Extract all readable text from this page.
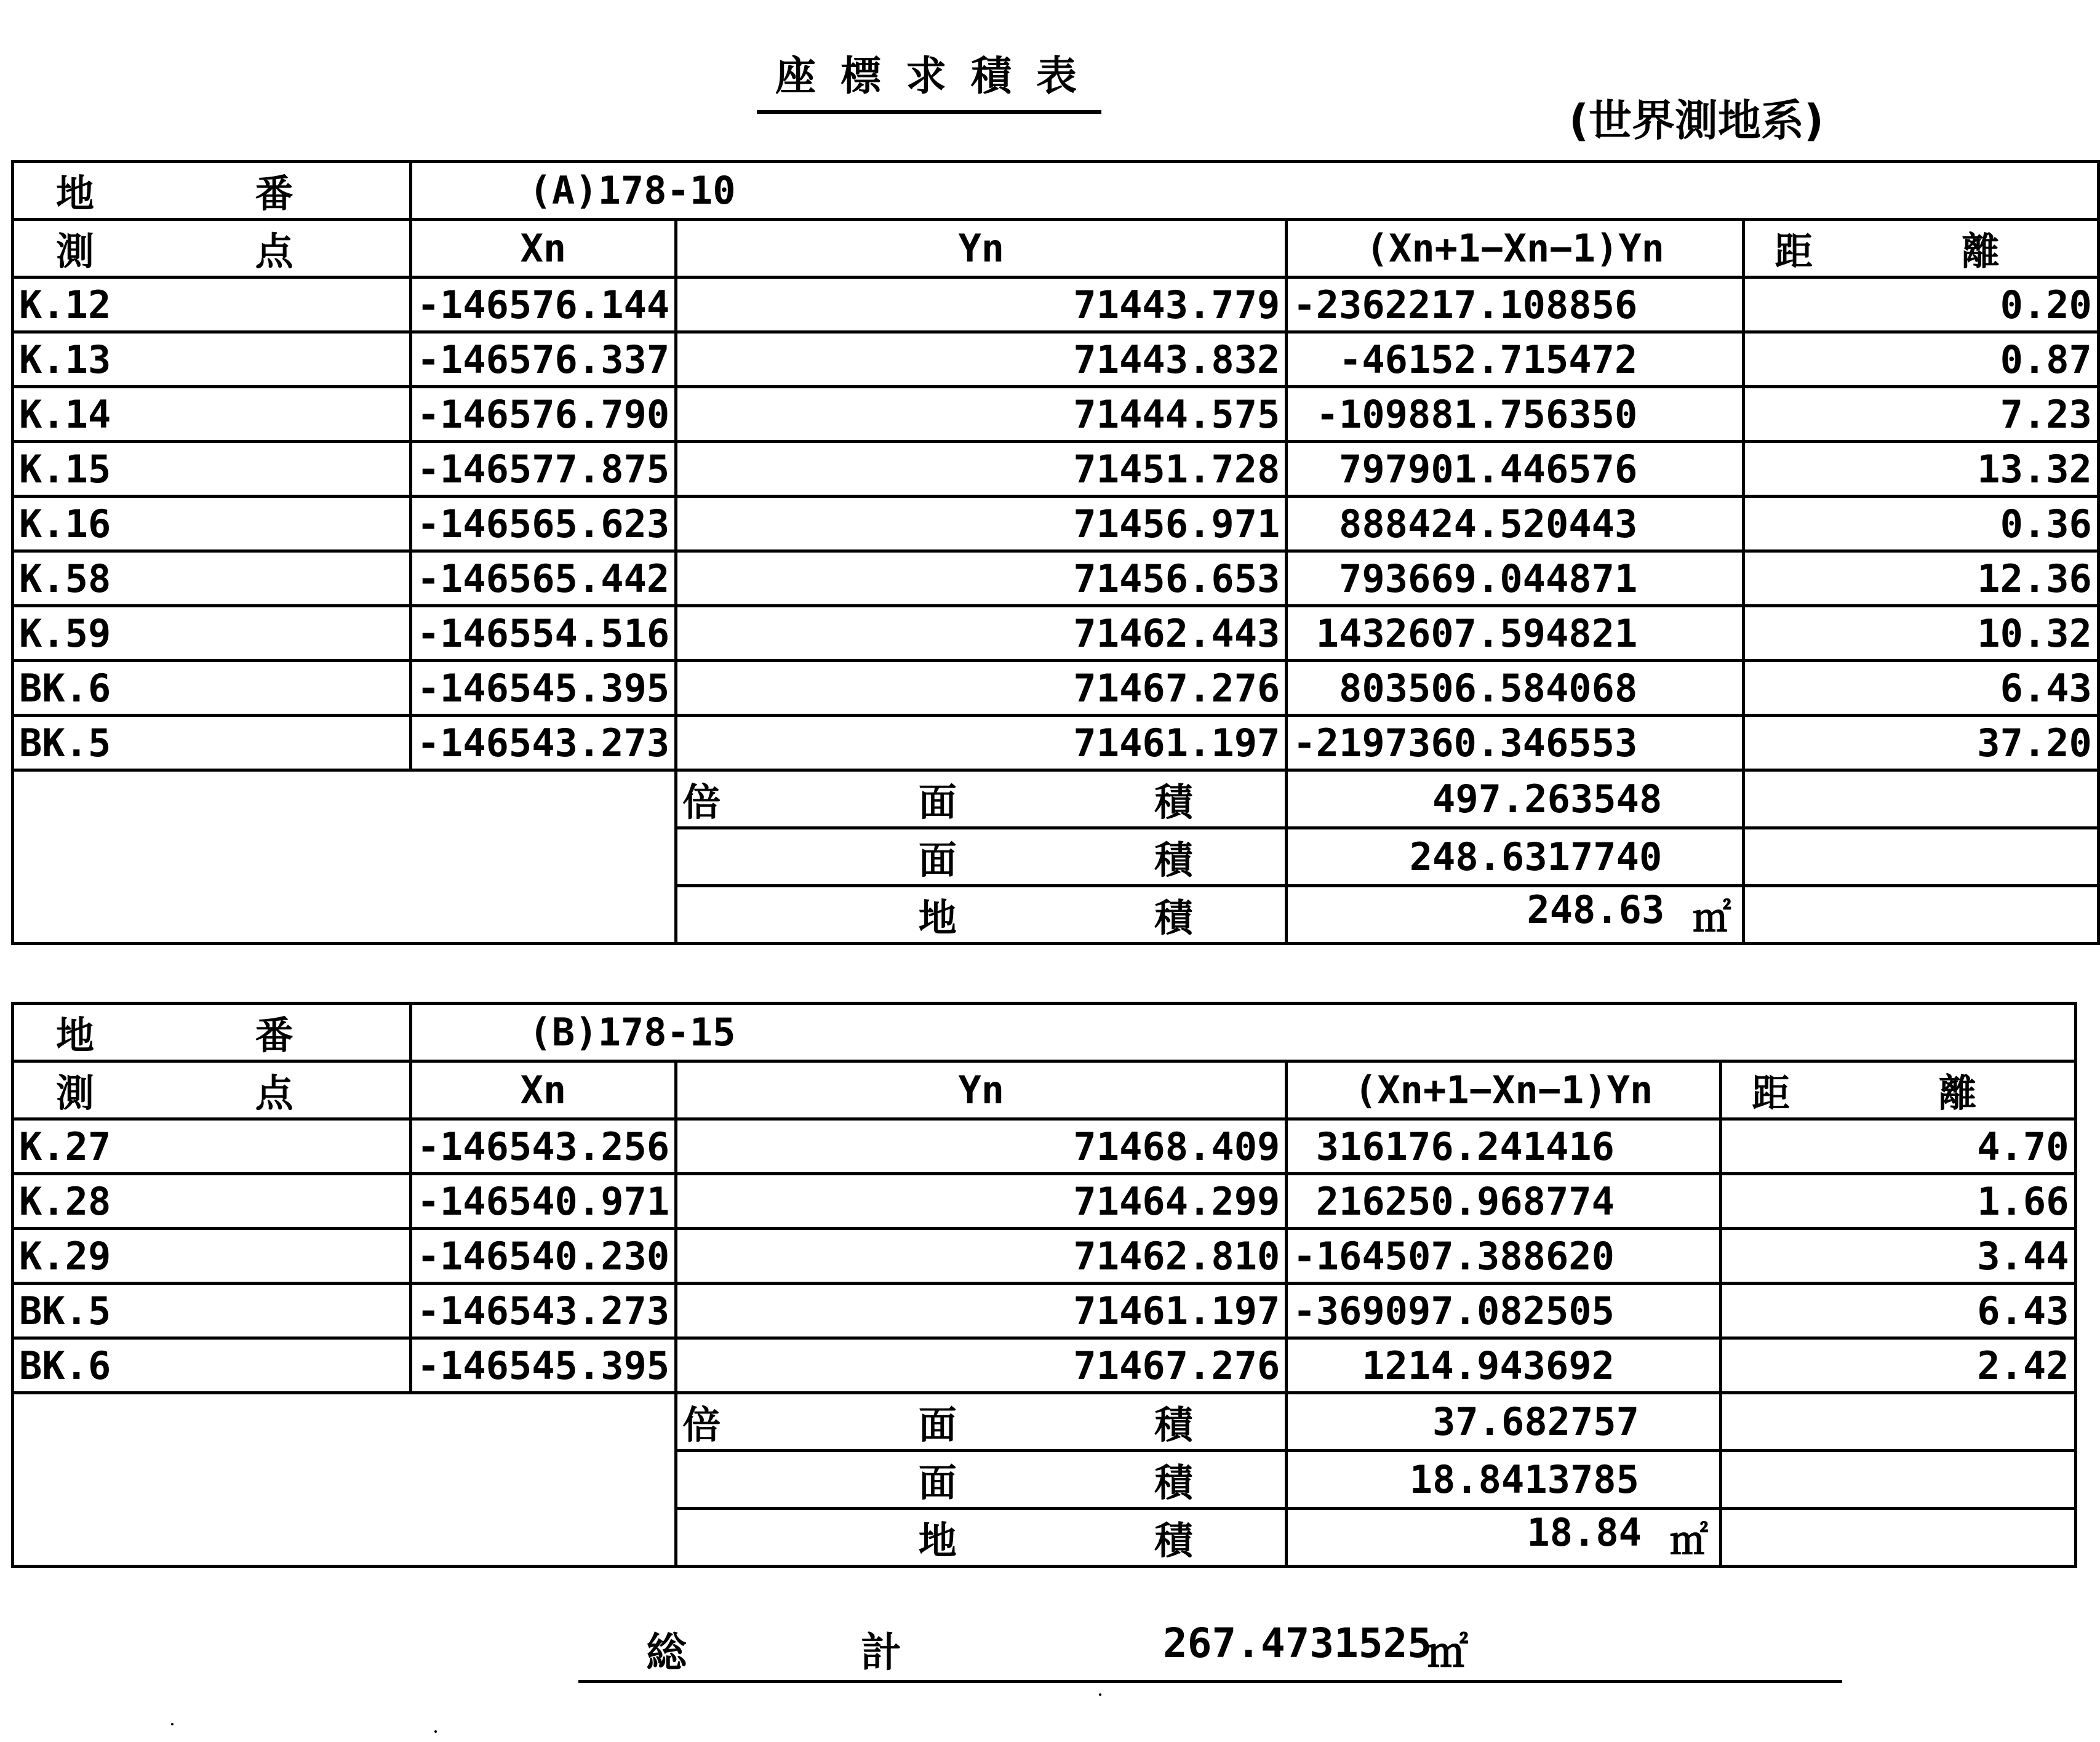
座標求積表
(世界測地系)
地 番	(A)178-10			

測 点	Xn	Yn	(Xn+1−Xn−1)Yn	距 離

K.12	-146576.144	71443.779	-2362217.108856	0.20
K.13	-146576.337	71443.832	-46152.715472	0.87
K.14	-146576.790	71444.575	-109881.756350	7.23
K.15	-146577.875	71451.728	797901.446576	13.32
K.16	-146565.623	71456.971	888424.520443	0.36
K.58	-146565.442	71456.653	793669.044871	12.36
K.59	-146554.516	71462.443	1432607.594821	10.32
BK.6	-146545.395	71467.276	803506.584068	6.43
BK.5	-146543.273	71461.197	-2197360.346553	37.20
		倍 面 積	497.263548	
		面 積	248.6317740	
		地 積	248.63 ㎡	

地 番	(B)178-15			

測 点	Xn	Yn	(Xn+1−Xn−1)Yn	距 離

K.27	-146543.256	71468.409	316176.241416	4.70
K.28	-146540.971	71464.299	216250.968774	1.66
K.29	-146540.230	71462.810	-164507.388620	3.44
BK.5	-146543.273	71461.197	-369097.082505	6.43
BK.6	-146545.395	71467.276	1214.943692	2.42
		倍 面 積	37.682757	
		面 積	18.8413785	
		地 積	18.84 ㎡	

総 計	267.4731525
㎡
